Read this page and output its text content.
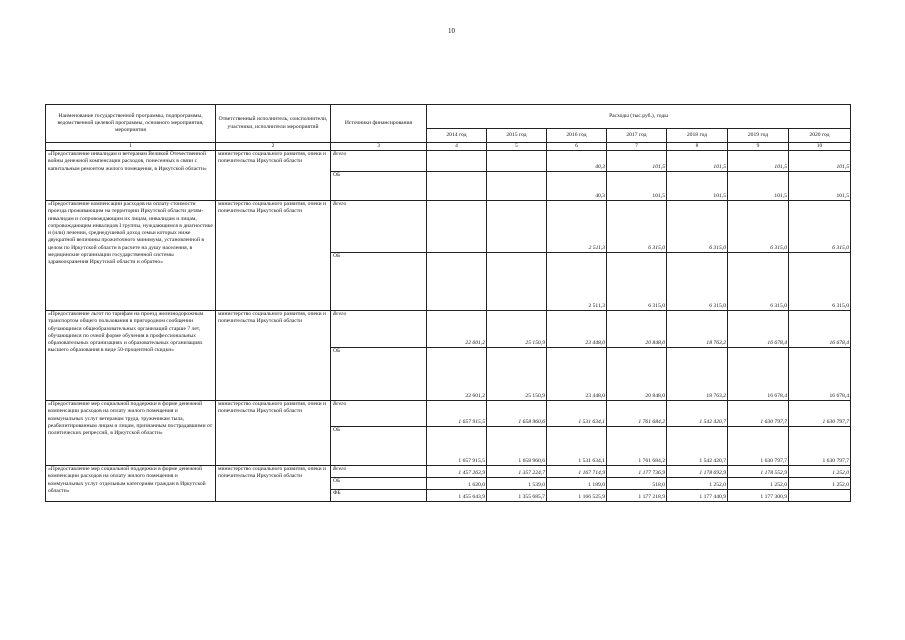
10
Наименование государственной программы, подпрограммы, ведомственной целевой программы, основного мероприятия, мероприятия	Ответственный исполнитель, соисполнители, участники, исполнители мероприятий	Источники финансирования	Расходы (тыс.руб.), годы						
			2014 год	2015 год	2016 год	2017 год	2018 год	2019 год	2020 год
1	2	3	4	5	6	7	8	9	10
«Предоставление инвалидам и ветеранам Великой Отечественной войны денежной компенсации расходов, понесенных в связи с капитальным ремонтом жилого помещения, в Иркутской области»	министерство социального развития, опеки и попечительства Иркутской области	Всего			40,3	101,5	101,5	101,5	101,5
		ОБ			40,3	101,5	101,5	101,5	101,5
«Предоставление компенсации расходов на оплату стоимости проезда проживающим на территории Иркутской области детям-инвалидам и сопровождающим их лицам, инвалидам и лицам, сопровождающим инвалидов I группы, нуждающимся в диагностике и (или) лечении, среднедушевой доход семьи которых ниже двукратной величины прожиточного минимума, установленной в целом по Иркутской области в расчете на душу населения, в медицинские организации государственной системы здравоохранения Иркутской области и обратно»	министерство социального развития, опеки и попечительства Иркутской области	Всего			2 511,3	6 315,0	6 315,0	6 315,0	6 315,0
		ОБ			2 511,3	6 315,0	6 315,0	6 315,0	6 315,0
«Предоставление льгот по тарифам на проезд железнодорожным транспортом общего пользования в пригородном сообщении обучающимся общеобразовательных организаций старше 7 лет, обучающимся по очной форме обучения в профессиональных образовательных организациях и образовательных организациях высшего образования в виде 50-процентной скидки»	министерство социального развития, опеки и попечительства Иркутской области	Всего	22 601,2	25 150,9	23 448,0	20 848,0	18 763,2	16 678,4	16 678,4
		ОБ	22 601,2	25 150,9	23 448,0	20 848,0	18 763,2	16 678,4	16 678,4
«Предоставление мер социальной поддержки в форме денежной компенсации расходов на оплату жилого помещения и коммунальных услуг ветеранам труда, труженикам тыла, реабилитированным лицам и лицам, признанным пострадавшими от политических репрессий, в Иркутской области»	министерство социального развития, опеки и попечительства Иркутской области	Всего	1 657 915,5	1 658 960,6	1 531 634,1	1 761 684,2	1 542 420,7	1 630 797,7	1 630 797,7
		ОБ	1 657 915,5	1 658 960,6	1 531 634,1	1 761 684,2	1 542 420,7	1 630 797,7	1 630 797,7
«Предоставление мер социальной поддержки в форме денежной компенсации расходов на оплату жилого помещения и коммунальных услуг отдельным категориям граждан в Иркутской области»	министерство социального развития, опеки и попечительства Иркутской области	Всего	1 457 263,9	1 357 224,7	1 167 714,9	1 177 736,9	1 178 692,9	1 178 552,9	1 252,0
		ОБ	1 620,0	1 539,0	1 189,0	518,0	1 252,0	1 252,0	1 252,0
		ФБ	1 455 643,9	1 355 685,7	1 166 525,9	1 177 218,9	1 177 440,9	1 177 300,9	
